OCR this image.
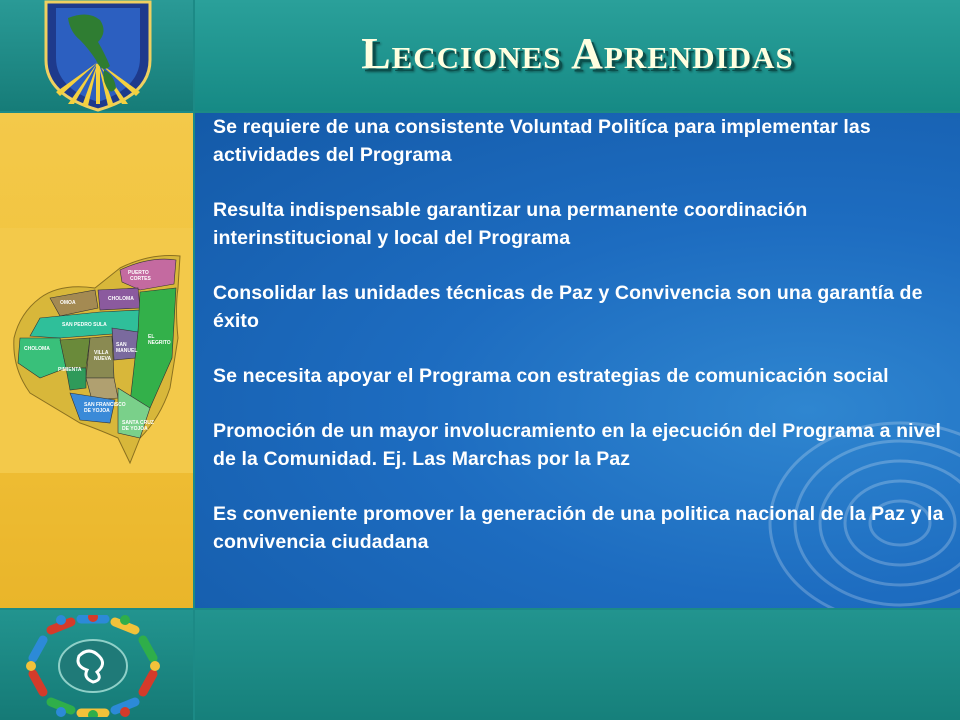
PUERTO
CORTES
OMOA
CHOLOMA
SAN PEDRO SULA
CHOLOMA
VILLA
NUEVA
SAN
MANUEL
PIMIENTA
SAN FRANCISCO
DE YOJOA
SANTA CRUZ
DE YOJOA
EL
NEGRITO
Lecciones Aprendidas
Se requiere de una consistente Voluntad Politíca para implementar las actividades del Programa
Resulta indispensable garantizar una permanente coordinación interinstitucional y local del Programa
Consolidar las unidades técnicas de Paz y Convivencia son una garantía de éxito
Se necesita apoyar el Programa con estrategias de comunicación social
Promoción de un mayor involucramiento en la ejecución del Programa a nivel de la Comunidad. Ej. Las Marchas por la Paz
Es conveniente promover la generación de una politica nacional de la Paz y la convivencia ciudadana
